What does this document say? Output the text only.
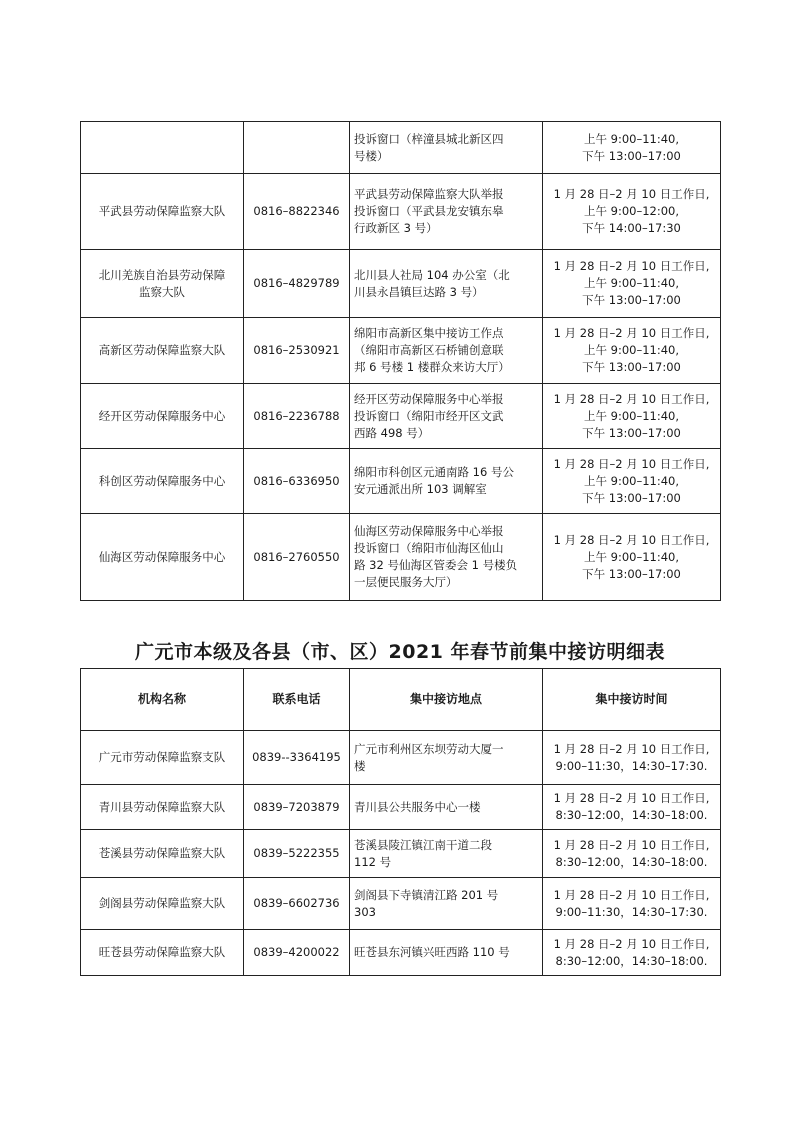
		投诉窗口（梓潼县城北新区四
号楼）	上午 9:00–11:40,
下午 13:00–17:00

平武县劳动保障监察大队	0816–8822346	平武县劳动保障监察大队举报
投诉窗口（平武县龙安镇东皋
行政新区 3 号）	1 月 28 日–2 月 10 日工作日,
上午 9:00–12:00,
下午 14:00–17:30

北川羌族自治县劳动保障
监察大队	0816–4829789	北川县人社局 104 办公室（北
川县永昌镇巨达路 3 号）	1 月 28 日–2 月 10 日工作日,
上午 9:00–11:40,
下午 13:00–17:00

高新区劳动保障监察大队	0816–2530921	绵阳市高新区集中接访工作点
（绵阳市高新区石桥铺创意联
邦 6 号楼 1 楼群众来访大厅）	1 月 28 日–2 月 10 日工作日,
上午 9:00–11:40,
下午 13:00–17:00

经开区劳动保障服务中心	0816–2236788	经开区劳动保障服务中心举报
投诉窗口（绵阳市经开区文武
西路 498 号）	1 月 28 日–2 月 10 日工作日,
上午 9:00–11:40,
下午 13:00–17:00

科创区劳动保障服务中心	0816–6336950	绵阳市科创区元通南路 16 号公
安元通派出所 103 调解室	1 月 28 日–2 月 10 日工作日,
上午 9:00–11:40,
下午 13:00–17:00

仙海区劳动保障服务中心	0816–2760550	仙海区劳动保障服务中心举报
投诉窗口（绵阳市仙海区仙山
路 32 号仙海区管委会 1 号楼负
一层便民服务大厅）	1 月 28 日–2 月 10 日工作日,
上午 9:00–11:40,
下午 13:00–17:00
广元市本级及各县（市、区）2021 年春节前集中接访明细表
机构名称	联系电话	集中接访地点	集中接访时间

广元市劳动保障监察支队	0839--3364195	广元市利州区东坝劳动大厦一
楼	1 月 28 日–2 月 10 日工作日,
9:00–11:30，14:30–17:30.

青川县劳动保障监察大队	0839–7203879	青川县公共服务中心一楼	1 月 28 日–2 月 10 日工作日,
8:30–12:00，14:30–18:00.

苍溪县劳动保障监察大队	0839–5222355	苍溪县陵江镇江南干道二段
112 号	1 月 28 日–2 月 10 日工作日,
8:30–12:00，14:30–18:00.

剑阁县劳动保障监察大队	0839–6602736	剑阁县下寺镇清江路 201 号
303	1 月 28 日–2 月 10 日工作日,
9:00–11:30，14:30–17:30.

旺苍县劳动保障监察大队	0839–4200022	旺苍县东河镇兴旺西路 110 号	1 月 28 日–2 月 10 日工作日,
8:30–12:00，14:30–18:00.
